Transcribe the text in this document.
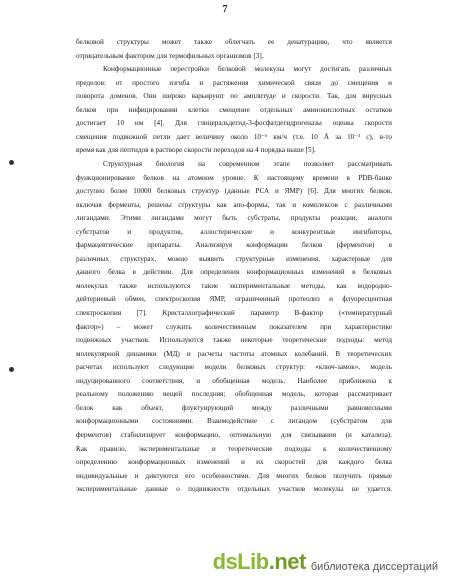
7
белковой структуры может также облегчать ее денатурацию, что является
отрицательным фактором для термофильных организмов [3].
Конформационные перестройки белковой молекулы могут достигать различных
пределов: от простого изгиба и растяжения химической связи до смещения и
поворота доменов. Они широко варьируют по амплитуде и скорости. Так, для вирусных
белков при инфицировании клетки смещение отдельных аминокислотных остатков
достигает 10 нм [4]. Для глицеральдегид-3-фосфатдегидрогеназы оценка скорости
смещения подвижной петли дает величину около 10⁻⁶ км/ч (т.е. 10 Å за 10⁻³ с), в-то
время как для пептидов в растворе скорости переходов на 4 порядка выше [5].
Структурная биология на современном этапе позволяет рассматривать
функционирование белков на атомном уровне. К настоящему времени в PDB-банке
доступно более 10000 белковых структур (данные РСА и ЯМР) [6]. Для многих белков,
включая ферменты, решены структуры как апо-формы, так и комплексов с различными
лигандами. Этими лигандами могут быть субстраты, продукты реакции, аналоги
субстратов и продуктов, аллостерические и конкурентные ингибиторы,
фармацевтические препараты. Анализируя конформации белков (ферментов) в
различных структурах, можно выявить структурные изменения, характерные для
данного белка в действии. Для определения конформационных изменений в белковых
молекулах также используются такие экспериментальные методы, как водородно-
дейтериевый обмен, спектроскопия ЯМР, ограниченный протеолиз и флуоресцентная
спектроскопия [7]. Кристаллографический параметр В-фактор («температурный
фактор») – может служить количественным показателем при характеристике
подвижных участков. Используются также некоторые теоретические подходы: метод
молекулярной динамики (МД) и расчеты частоты атомных колебаний. В теоретических
расчетах используют следующие модели белковых структур: «ключ-замок», модель
индуцированного соответствия, и обобщенная модель. Наиболее приближена к
реальному положению вещей последняя; обобщенная модель, которая рассматривает
белок как объект, флуктуирующий между различными равновесными
конформационными состояниями. Взаимодействие с лигандом (субстратом для
ферментов) стабилизирует конформацию, оптимальную для связывания (и катализа).
Как правило, экспериментальные и теоретические подходы к количественному
определению конформационных изменений и их скоростей для каждого белка
индивидуальные и диктуются его особенностями. Для многих белков получить прямые
экспериментальные данные о подвижности отдельных участков молекулы не удается.
dsLib.net библиотека диссертаций
